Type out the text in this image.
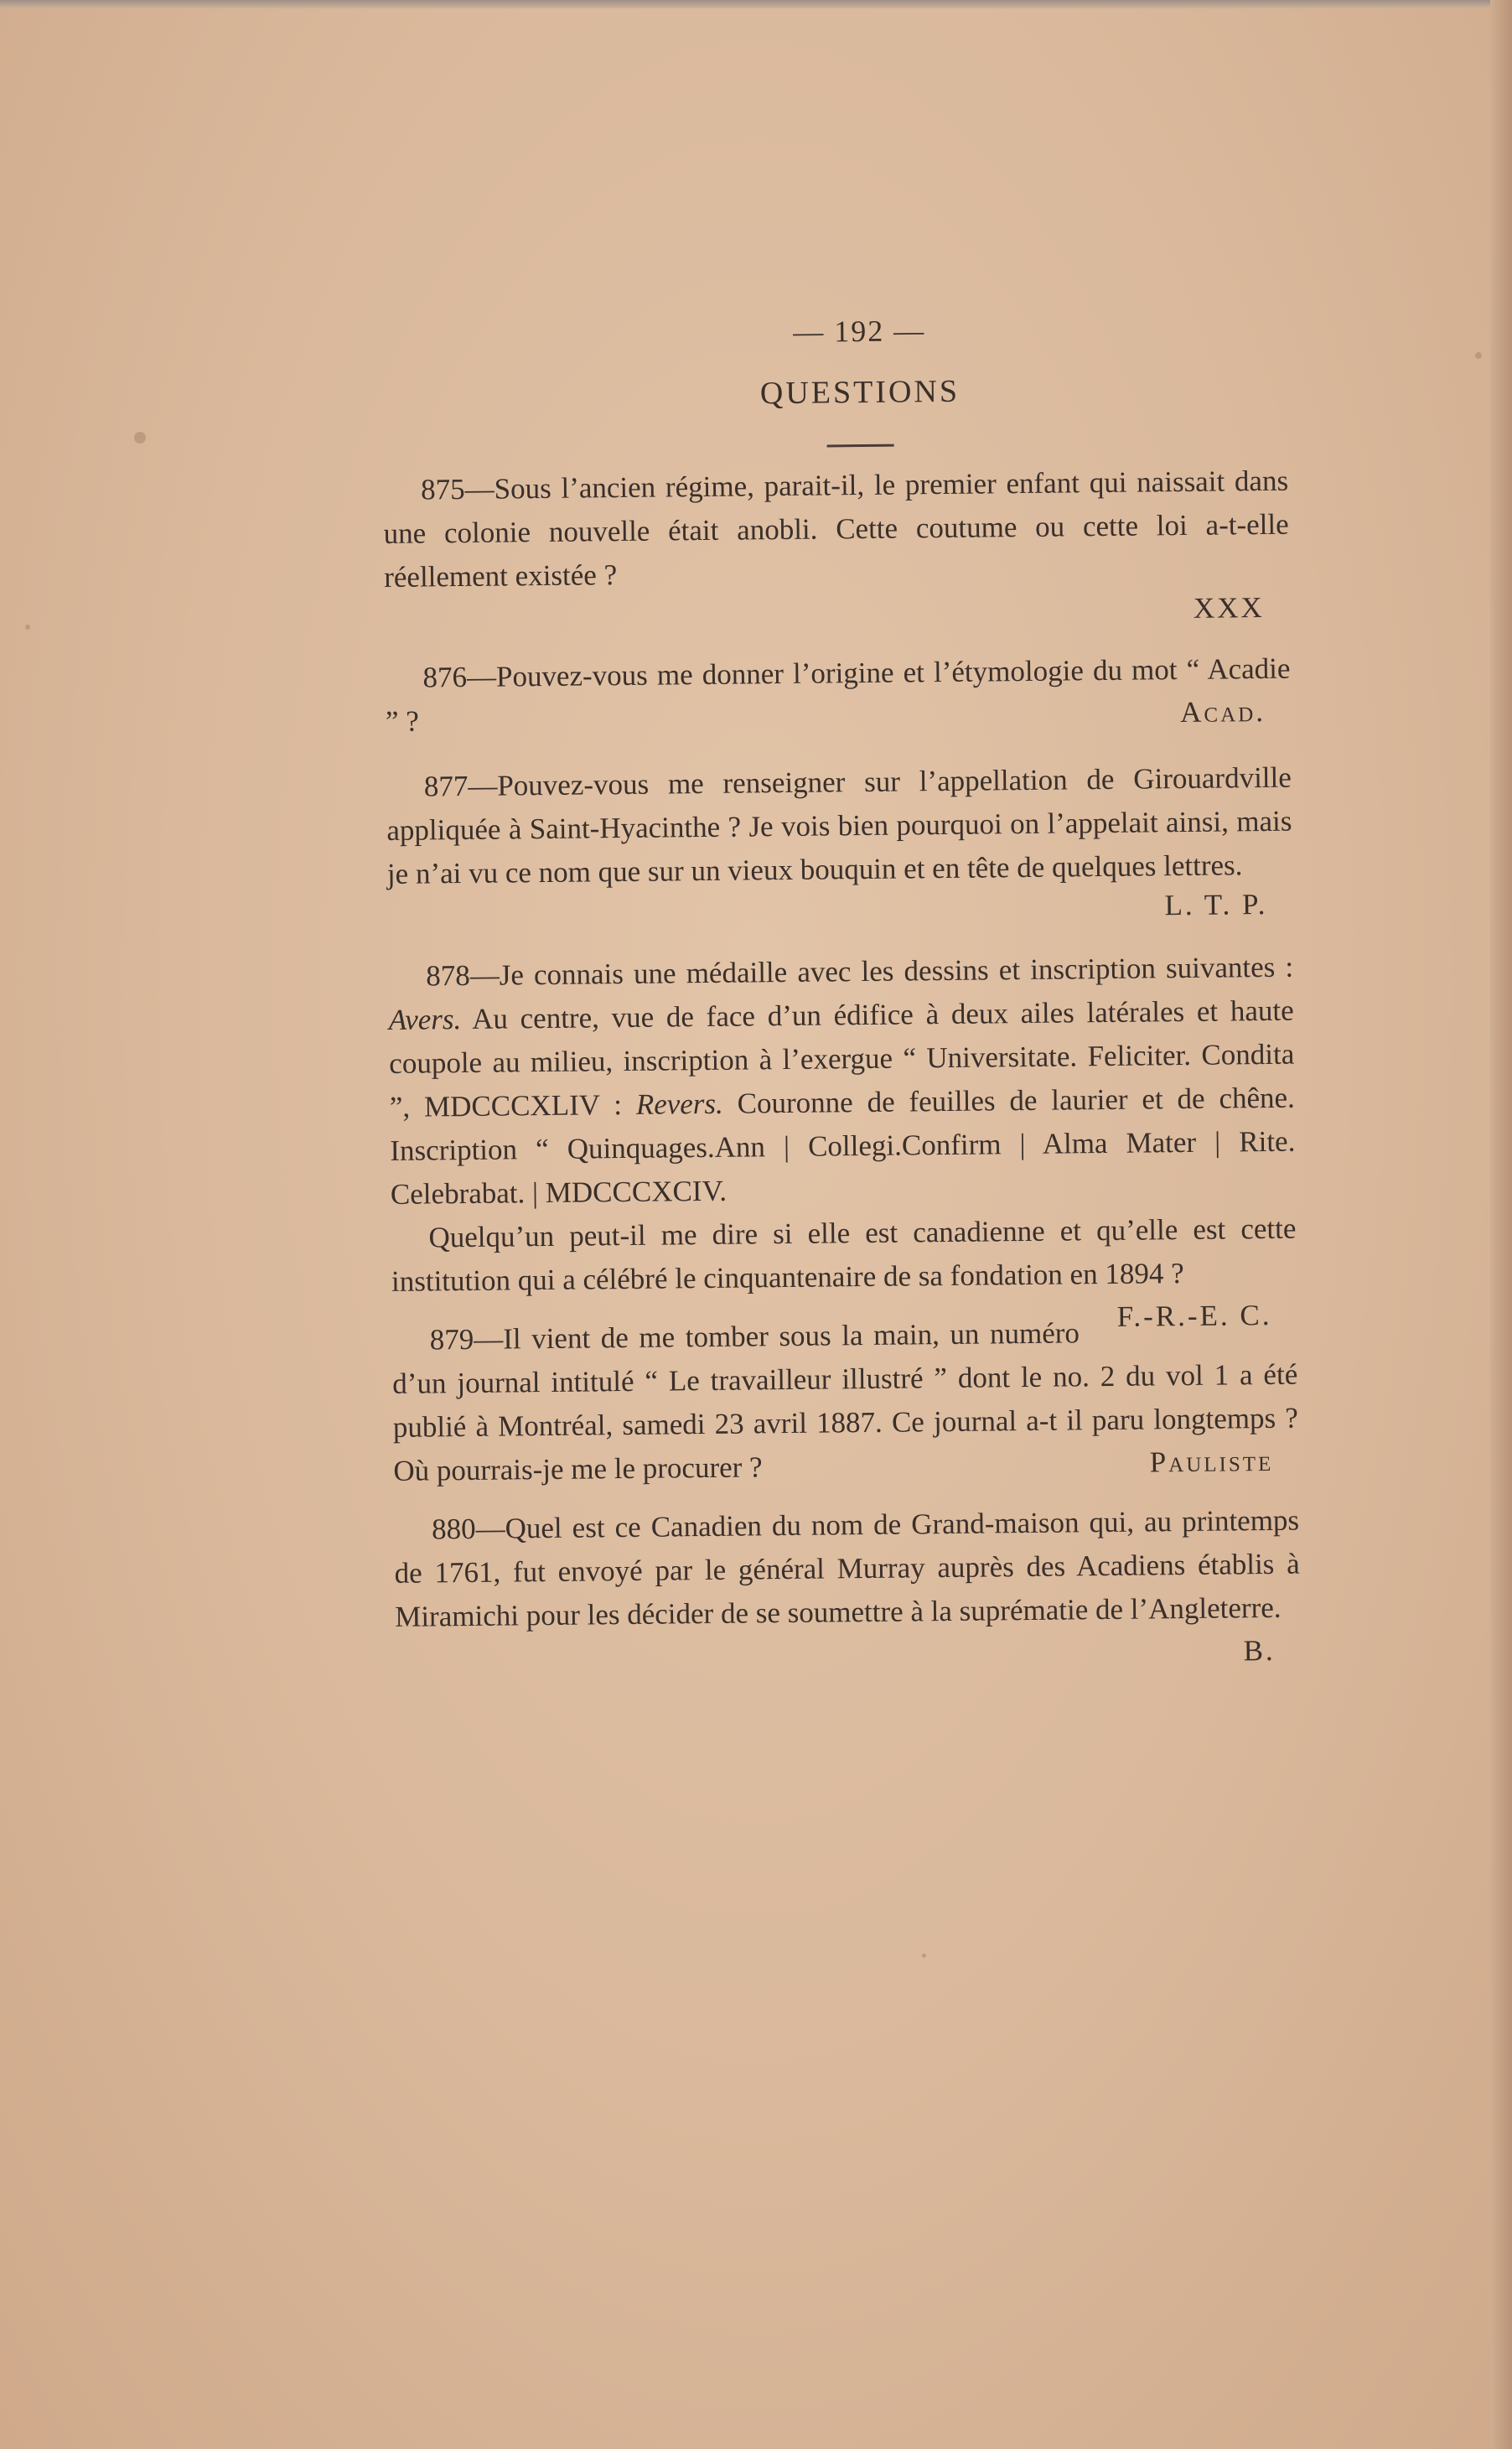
— 192 —
QUESTIONS

875—Sous l’ancien régime, parait-il, le premier enfant qui naissait dans une colonie nouvelle était anobli. Cette coutume ou cette loi a-t-elle réellement existée ?

XXX

876—Pouvez-vous me donner l’origine et l’étymologie du mot “ Acadie ” ?	Acad.

877—Pouvez-vous me renseigner sur l’appellation de Girouardville appliquée à Saint-Hyacinthe ? Je vois bien pourquoi on l’appelait ainsi, mais je n’ai vu ce nom que sur un vieux bouquin et en tête de quelques lettres.

L. T. P.

878—Je connais une médaille avec les dessins et inscription suivantes : Avers. Au centre, vue de face d’un édifice à deux ailes latérales et haute coupole au milieu, inscription à l’exergue “ Universitate. Feliciter. Condita ”, MDCCCXLIV : Revers. Couronne de feuilles de laurier et de chêne. Inscription “ Quinquages.Ann | Collegi.Confirm | Alma Mater | Rite. Celebrabat. | MDCCCXCIV.

Quelqu’un peut-il me dire si elle est canadienne et qu’elle est cette institution qui a célébré le cinquantenaire de sa fondation en 1894 ?
F.-R.-E. C.

879—Il vient de me tomber sous la main, un numéro d’un journal intitulé “ Le travailleur illustré ” dont le no. 2 du vol 1 a été publié à Montréal, samedi 23 avril 1887. Ce journal a-t il paru longtemps ? Où pourrais-je me le procurer ?	Pauliste

880—Quel est ce Canadien du nom de Grand-maison qui, au printemps de 1761, fut envoyé par le général Murray auprès des Acadiens établis à Miramichi pour les décider de se soumettre à la suprématie de l’Angleterre.
B.
